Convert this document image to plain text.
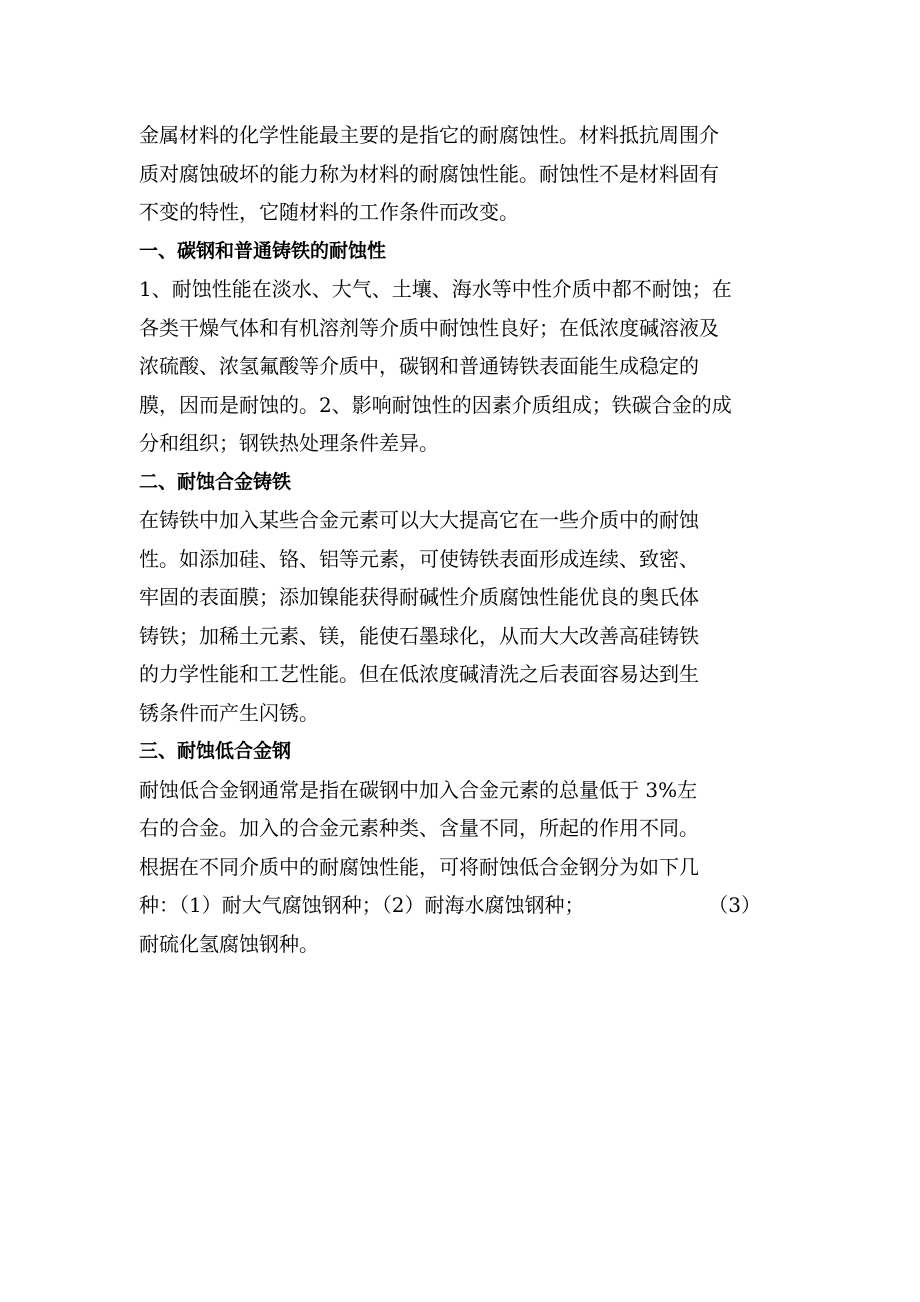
金属材料的化学性能最主要的是指它的耐腐蚀性。材料抵抗周围介
质对腐蚀破坏的能力称为材料的耐腐蚀性能。耐蚀性不是材料固有
不变的特性，它随材料的工作条件而改变。
一、碳钢和普通铸铁的耐蚀性
1、耐蚀性能在淡水、大气、土壤、海水等中性介质中都不耐蚀；在
各类干燥气体和有机溶剂等介质中耐蚀性良好；在低浓度碱溶液及
浓硫酸、浓氢氟酸等介质中，碳钢和普通铸铁表面能生成稳定的
膜，因而是耐蚀的。2、影响耐蚀性的因素介质组成；铁碳合金的成
分和组织；钢铁热处理条件差异。
二、耐蚀合金铸铁
在铸铁中加入某些合金元素可以大大提高它在一些介质中的耐蚀
性。如添加硅、铬、铝等元素，可使铸铁表面形成连续、致密、
牢固的表面膜；添加镍能获得耐碱性介质腐蚀性能优良的奥氏体
铸铁；加稀土元素、镁，能使石墨球化，从而大大改善高硅铸铁
的力学性能和工艺性能。但在低浓度碱清洗之后表面容易达到生
锈条件而产生闪锈。
三、耐蚀低合金钢
耐蚀低合金钢通常是指在碳钢中加入合金元素的总量低于 3%左
右的合金。加入的合金元素种类、含量不同，所起的作用不同。
根据在不同介质中的耐腐蚀性能，可将耐蚀低合金钢分为如下几
种：（1）耐大气腐蚀钢种；（2）耐海水腐蚀钢种；	（3）
耐硫化氢腐蚀钢种。
